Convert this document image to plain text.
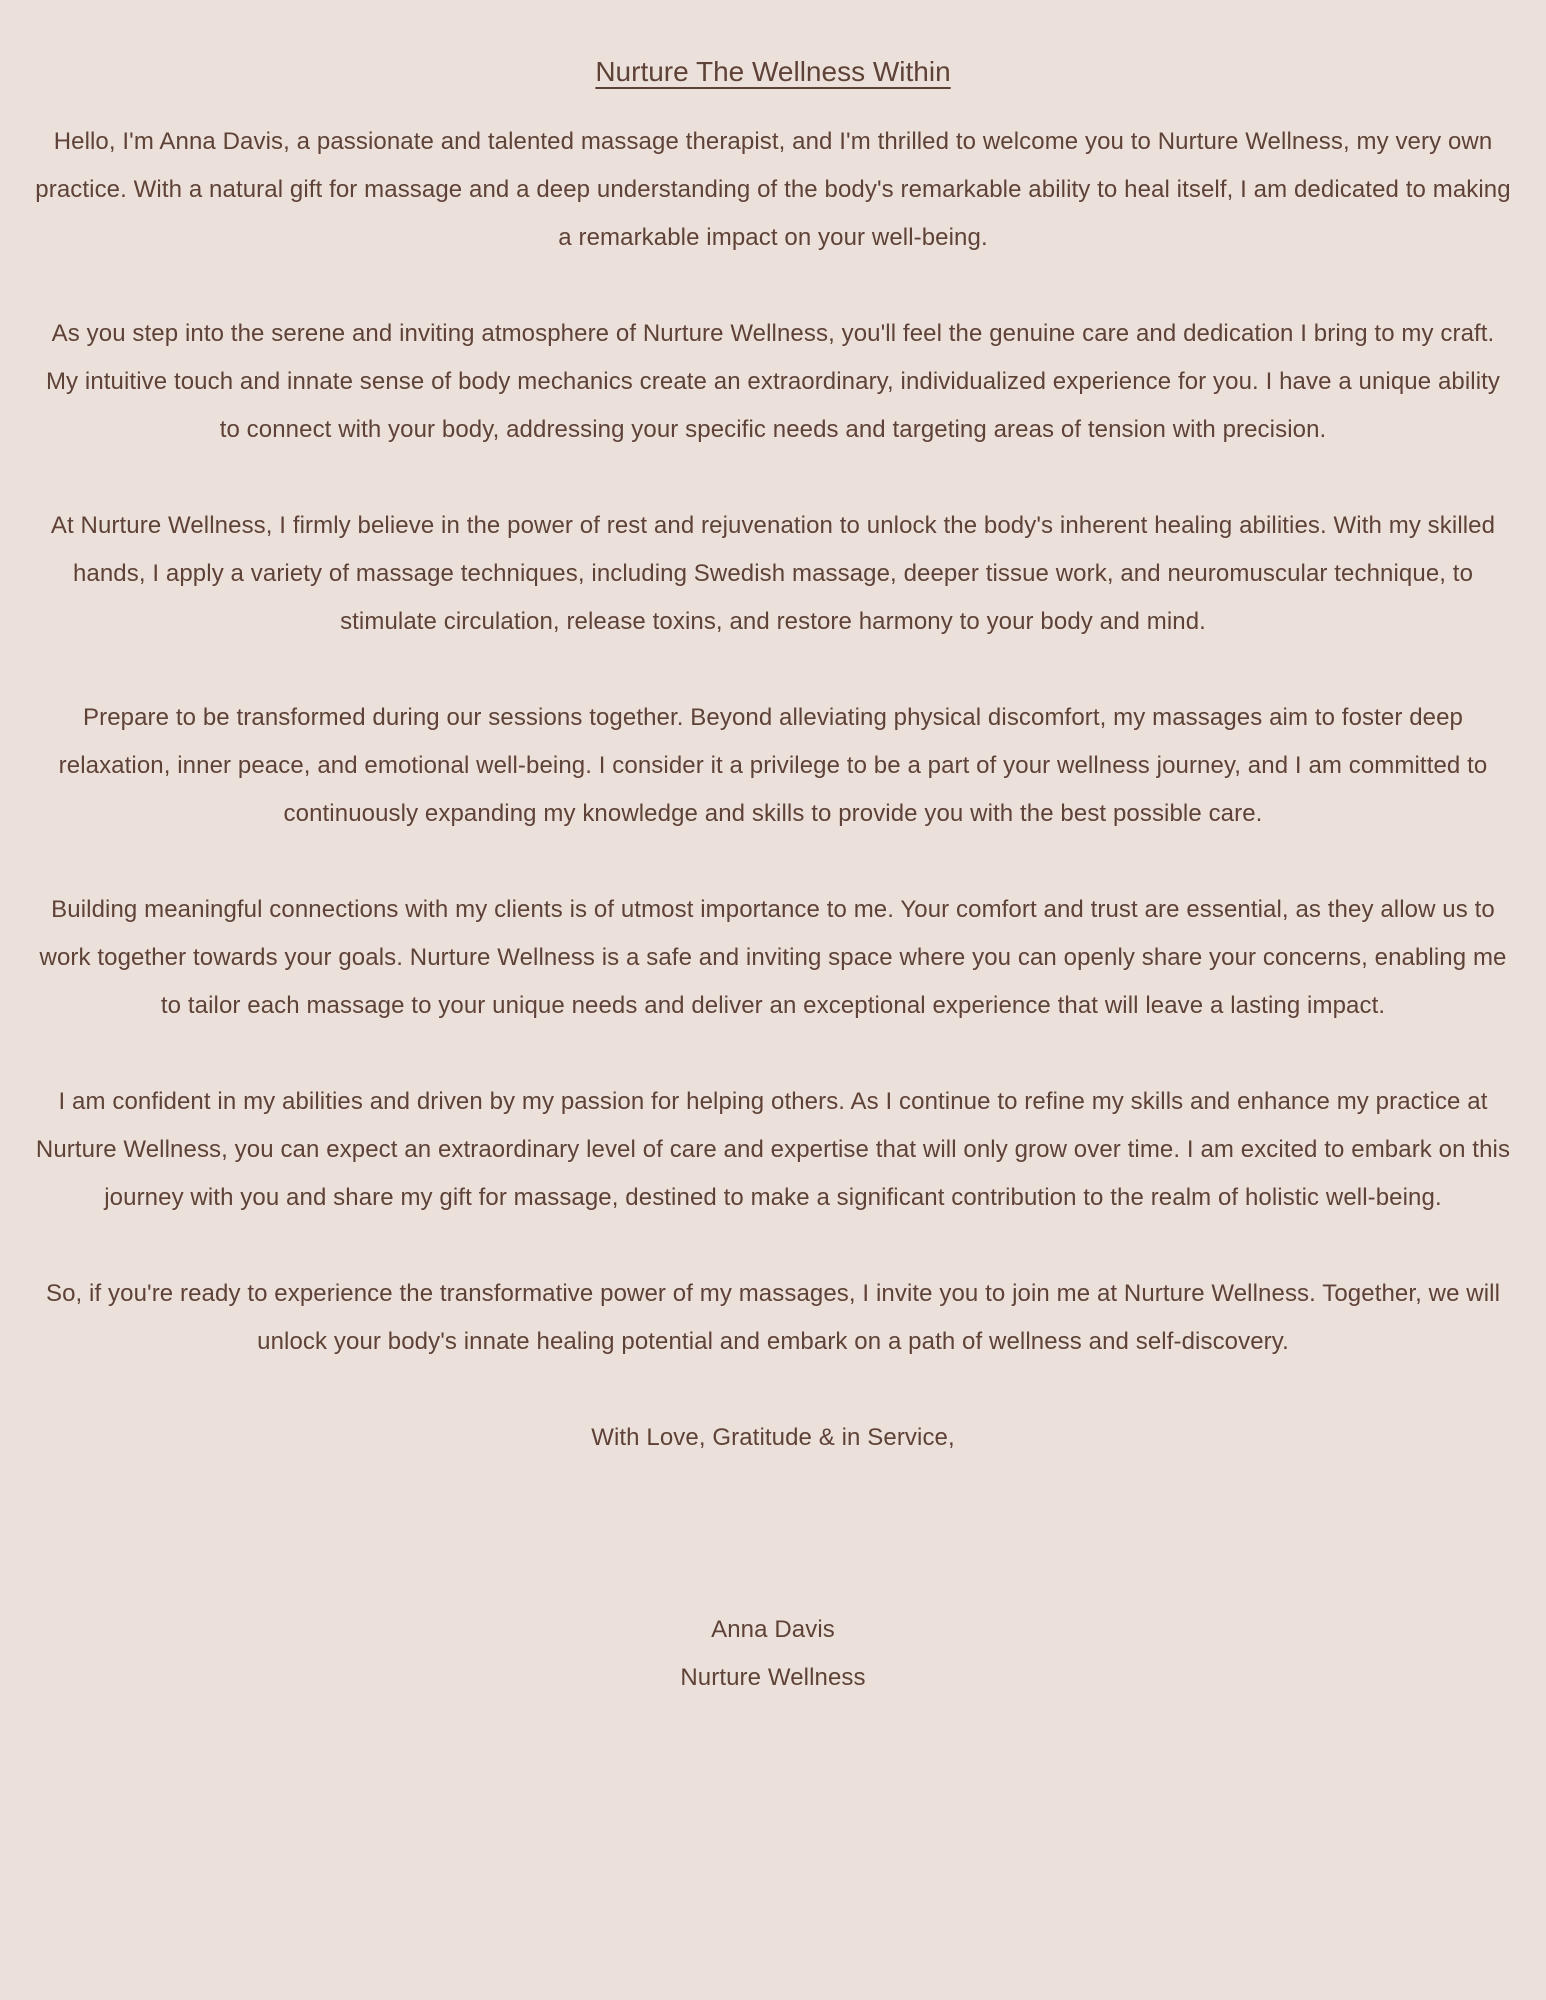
Nurture The Wellness Within

Hello, I'm Anna Davis, a passionate and talented massage therapist, and I'm thrilled to welcome you to Nurture Wellness, my very own practice. With a natural gift for massage and a deep understanding of the body's remarkable ability to heal itself, I am dedicated to making a remarkable impact on your well-being.

As you step into the serene and inviting atmosphere of Nurture Wellness, you'll feel the genuine care and dedication I bring to my craft. My intuitive touch and innate sense of body mechanics create an extraordinary, individualized experience for you. I have a unique ability to connect with your body, addressing your specific needs and targeting areas of tension with precision.

At Nurture Wellness, I firmly believe in the power of rest and rejuvenation to unlock the body's inherent healing abilities. With my skilled hands, I apply a variety of massage techniques, including Swedish massage, deeper tissue work, and neuromuscular technique, to stimulate circulation, release toxins, and restore harmony to your body and mind.

Prepare to be transformed during our sessions together. Beyond alleviating physical discomfort, my massages aim to foster deep relaxation, inner peace, and emotional well-being. I consider it a privilege to be a part of your wellness journey, and I am committed to continuously expanding my knowledge and skills to provide you with the best possible care.

Building meaningful connections with my clients is of utmost importance to me. Your comfort and trust are essential, as they allow us to work together towards your goals. Nurture Wellness is a safe and inviting space where you can openly share your concerns, enabling me to tailor each massage to your unique needs and deliver an exceptional experience that will leave a lasting impact.

I am confident in my abilities and driven by my passion for helping others. As I continue to refine my skills and enhance my practice at Nurture Wellness, you can expect an extraordinary level of care and expertise that will only grow over time. I am excited to embark on this journey with you and share my gift for massage, destined to make a significant contribution to the realm of holistic well-being.

So, if you're ready to experience the transformative power of my massages, I invite you to join me at Nurture Wellness. Together, we will unlock your body's innate healing potential and embark on a path of wellness and self-discovery.

With Love, Gratitude & in Service,

Anna Davis

Nurture Wellness
